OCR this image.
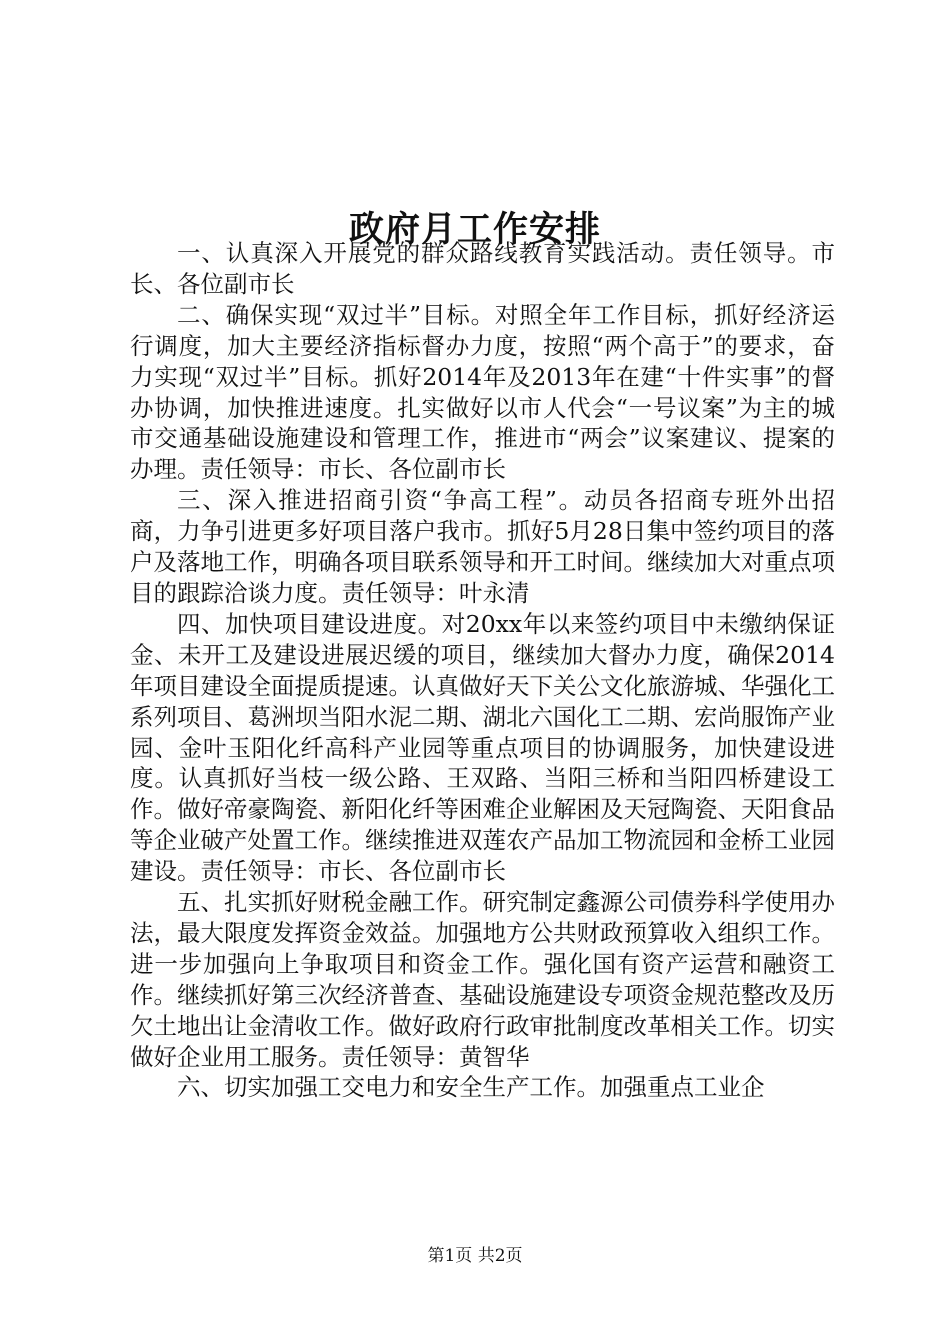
政府月工作安排

一、认真深入开展党的群众路线教育实践活动。责任领导。市长、各位副市长

二、确保实现“双过半”目标。对照全年工作目标，抓好经济运行调度，加大主要经济指标督办力度，按照“两个高于”的要求，奋力实现“双过半”目标。抓好2014年及2013年在建“十件实事”的督办协调，加快推进速度。扎实做好以市人代会“一号议案”为主的城市交通基础设施建设和管理工作，推进市“两会”议案建议、提案的办理。责任领导：市长、各位副市长

三、深入推进招商引资“争高工程”。动员各招商专班外出招商，力争引进更多好项目落户我市。抓好5月28日集中签约项目的落户及落地工作，明确各项目联系领导和开工时间。继续加大对重点项目的跟踪洽谈力度。责任领导：叶永清

四、加快项目建设进度。对20xx年以来签约项目中未缴纳保证金、未开工及建设进展迟缓的项目，继续加大督办力度，确保2014年项目建设全面提质提速。认真做好天下关公文化旅游城、华强化工系列项目、葛洲坝当阳水泥二期、湖北六国化工二期、宏尚服饰产业园、金叶玉阳化纤高科产业园等重点项目的协调服务，加快建设进度。认真抓好当枝一级公路、王双路、当阳三桥和当阳四桥建设工作。做好帝豪陶瓷、新阳化纤等困难企业解困及天冠陶瓷、天阳食品等企业破产处置工作。继续推进双莲农产品加工物流园和金桥工业园建设。责任领导：市长、各位副市长

五、扎实抓好财税金融工作。研究制定鑫源公司债券科学使用办法，最大限度发挥资金效益。加强地方公共财政预算收入组织工作。进一步加强向上争取项目和资金工作。强化国有资产运营和融资工作。继续抓好第三次经济普查、基础设施建设专项资金规范整改及历欠土地出让金清收工作。做好政府行政审批制度改革相关工作。切实做好企业用工服务。责任领导：黄智华

六、切实加强工交电力和安全生产工作。加强重点工业企

第1页 共2页
